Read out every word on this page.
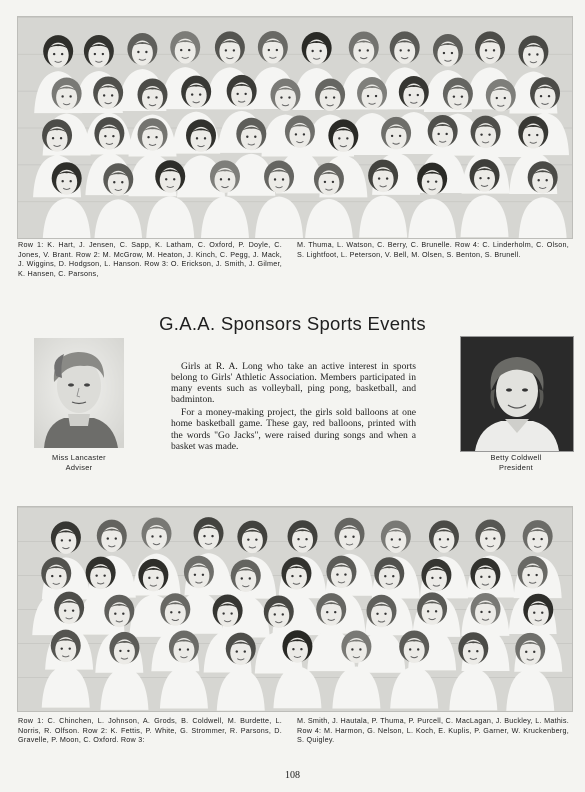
Row 1: K. Hart, J. Jensen, C. Sapp, K. Latham, C. Oxford, P. Doyle, C. Jones, V. Brant. Row 2: M. McGrow, M. Heaton, J. Kinch, C. Pegg, J. Mack, J. Wiggins, D. Hodgson, L. Hanson. Row 3: O. Erickson, J. Smith, J. Gilmer, K. Hansen, C. Parsons,
M. Thuma, L. Watson, C. Berry, C. Brunelle. Row 4: C. Linderholm, C. Olson, S. Lightfoot, L. Peterson, V. Bell, M. Olsen, S. Benton, S. Brunell.
G.A.A. Sponsors Sports Events
Miss Lancaster
Adviser

Girls at R. A. Long who take an active interest in sports belong to Girls' Athletic Association. Members participated in many events such as volleyball, ping pong, basketball, and badminton.

For a money-making project, the girls sold balloons at one home basketball game. These gay, red balloons, printed with the words "Go Jacks", were raised during songs and when a basket was made.

Betty Coldwell
President
Row 1: C. Chinchen, L. Johnson, A. Grods, B. Coldwell, M. Burdette, L. Norris, R. Olfson. Row 2: K. Fettis, P. White, G. Strommer, R. Parsons, D. Gravelle, P. Moon, C. Oxford. Row 3:
M. Smith, J. Hautala, P. Thuma, P. Purcell, C. MacLagan, J. Buckley, L. Mathis. Row 4: M. Harmon, G. Nelson, L. Koch, E. Kuplis, P. Garner, W. Kruckenberg, S. Quigley.
108
